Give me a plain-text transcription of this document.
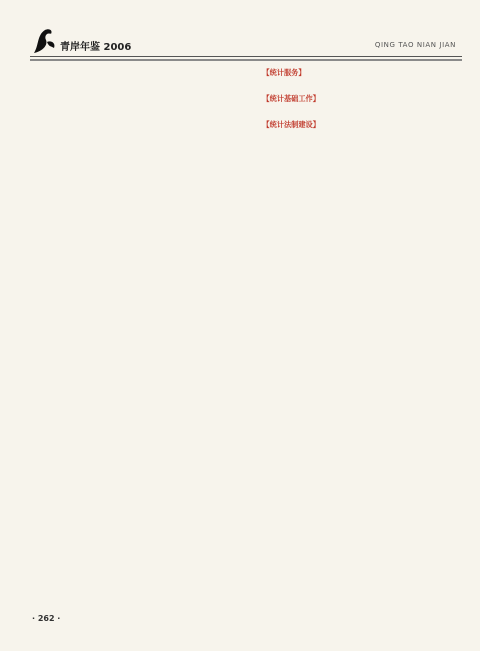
青岸年鉴 2006	QING TAO NIAN JIAN

【统计服务】

【统计基础工作】

【统计法制建设】

· 262 ·
